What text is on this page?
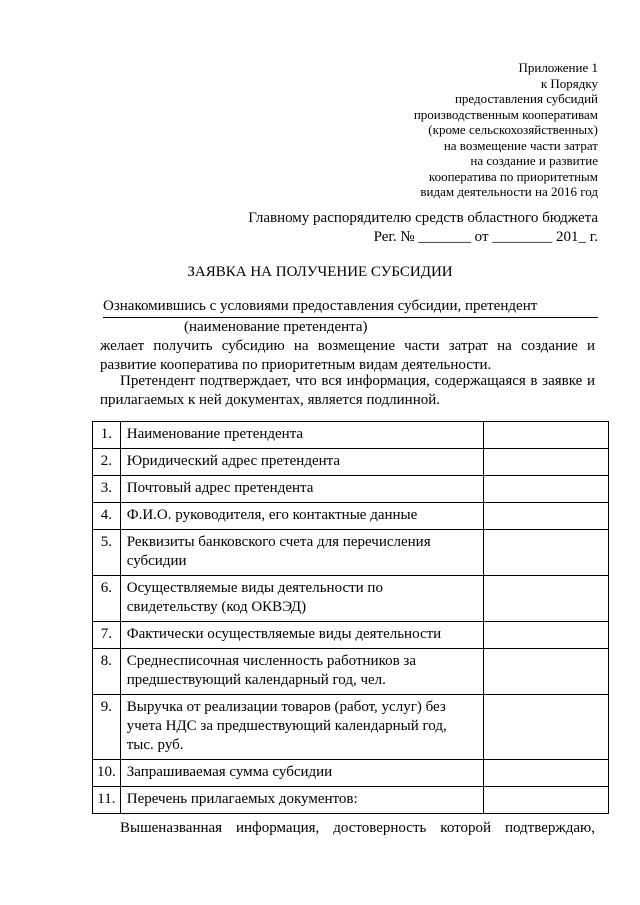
Приложение 1
к Порядку
предоставления субсидий
производственным кооперативам
(кроме сельскохозяйственных)
на возмещение части затрат
на создание и развитие
кооператива по приоритетным
видам деятельности на 2016 год
Главному распорядителю средств областного бюджета
Рег. № _______ от ________ 201_ г.
ЗАЯВКА НА ПОЛУЧЕНИЕ СУБСИДИИ
Ознакомившись с условиями предоставления субсидии, претендент
(наименование претендента)
желает получить субсидию на возмещение части затрат на создание и развитие кооператива по приоритетным видам деятельности.
Претендент подтверждает, что вся информация, содержащаяся в заявке и прилагаемых к ней документах, является подлинной.
1.	Наименование претендента	
2.	Юридический адрес претендента	
3.	Почтовый адрес претендента	
4.	Ф.И.О. руководителя, его контактные данные	
5.	Реквизиты банковского счета для перечисления субсидии	
6.	Осуществляемые виды деятельности по свидетельству (код ОКВЭД)	
7.	Фактически осуществляемые виды деятельности	
8.	Среднесписочная численность работников за предшествующий календарный год, чел.	
9.	Выручка от реализации товаров (работ, услуг) без учета НДС за предшествующий календарный год, тыс. руб.	
10.	Запрашиваемая сумма субсидии	
11.	Перечень прилагаемых документов:	
Вышеназванная информация, достоверность которой подтверждаю,
